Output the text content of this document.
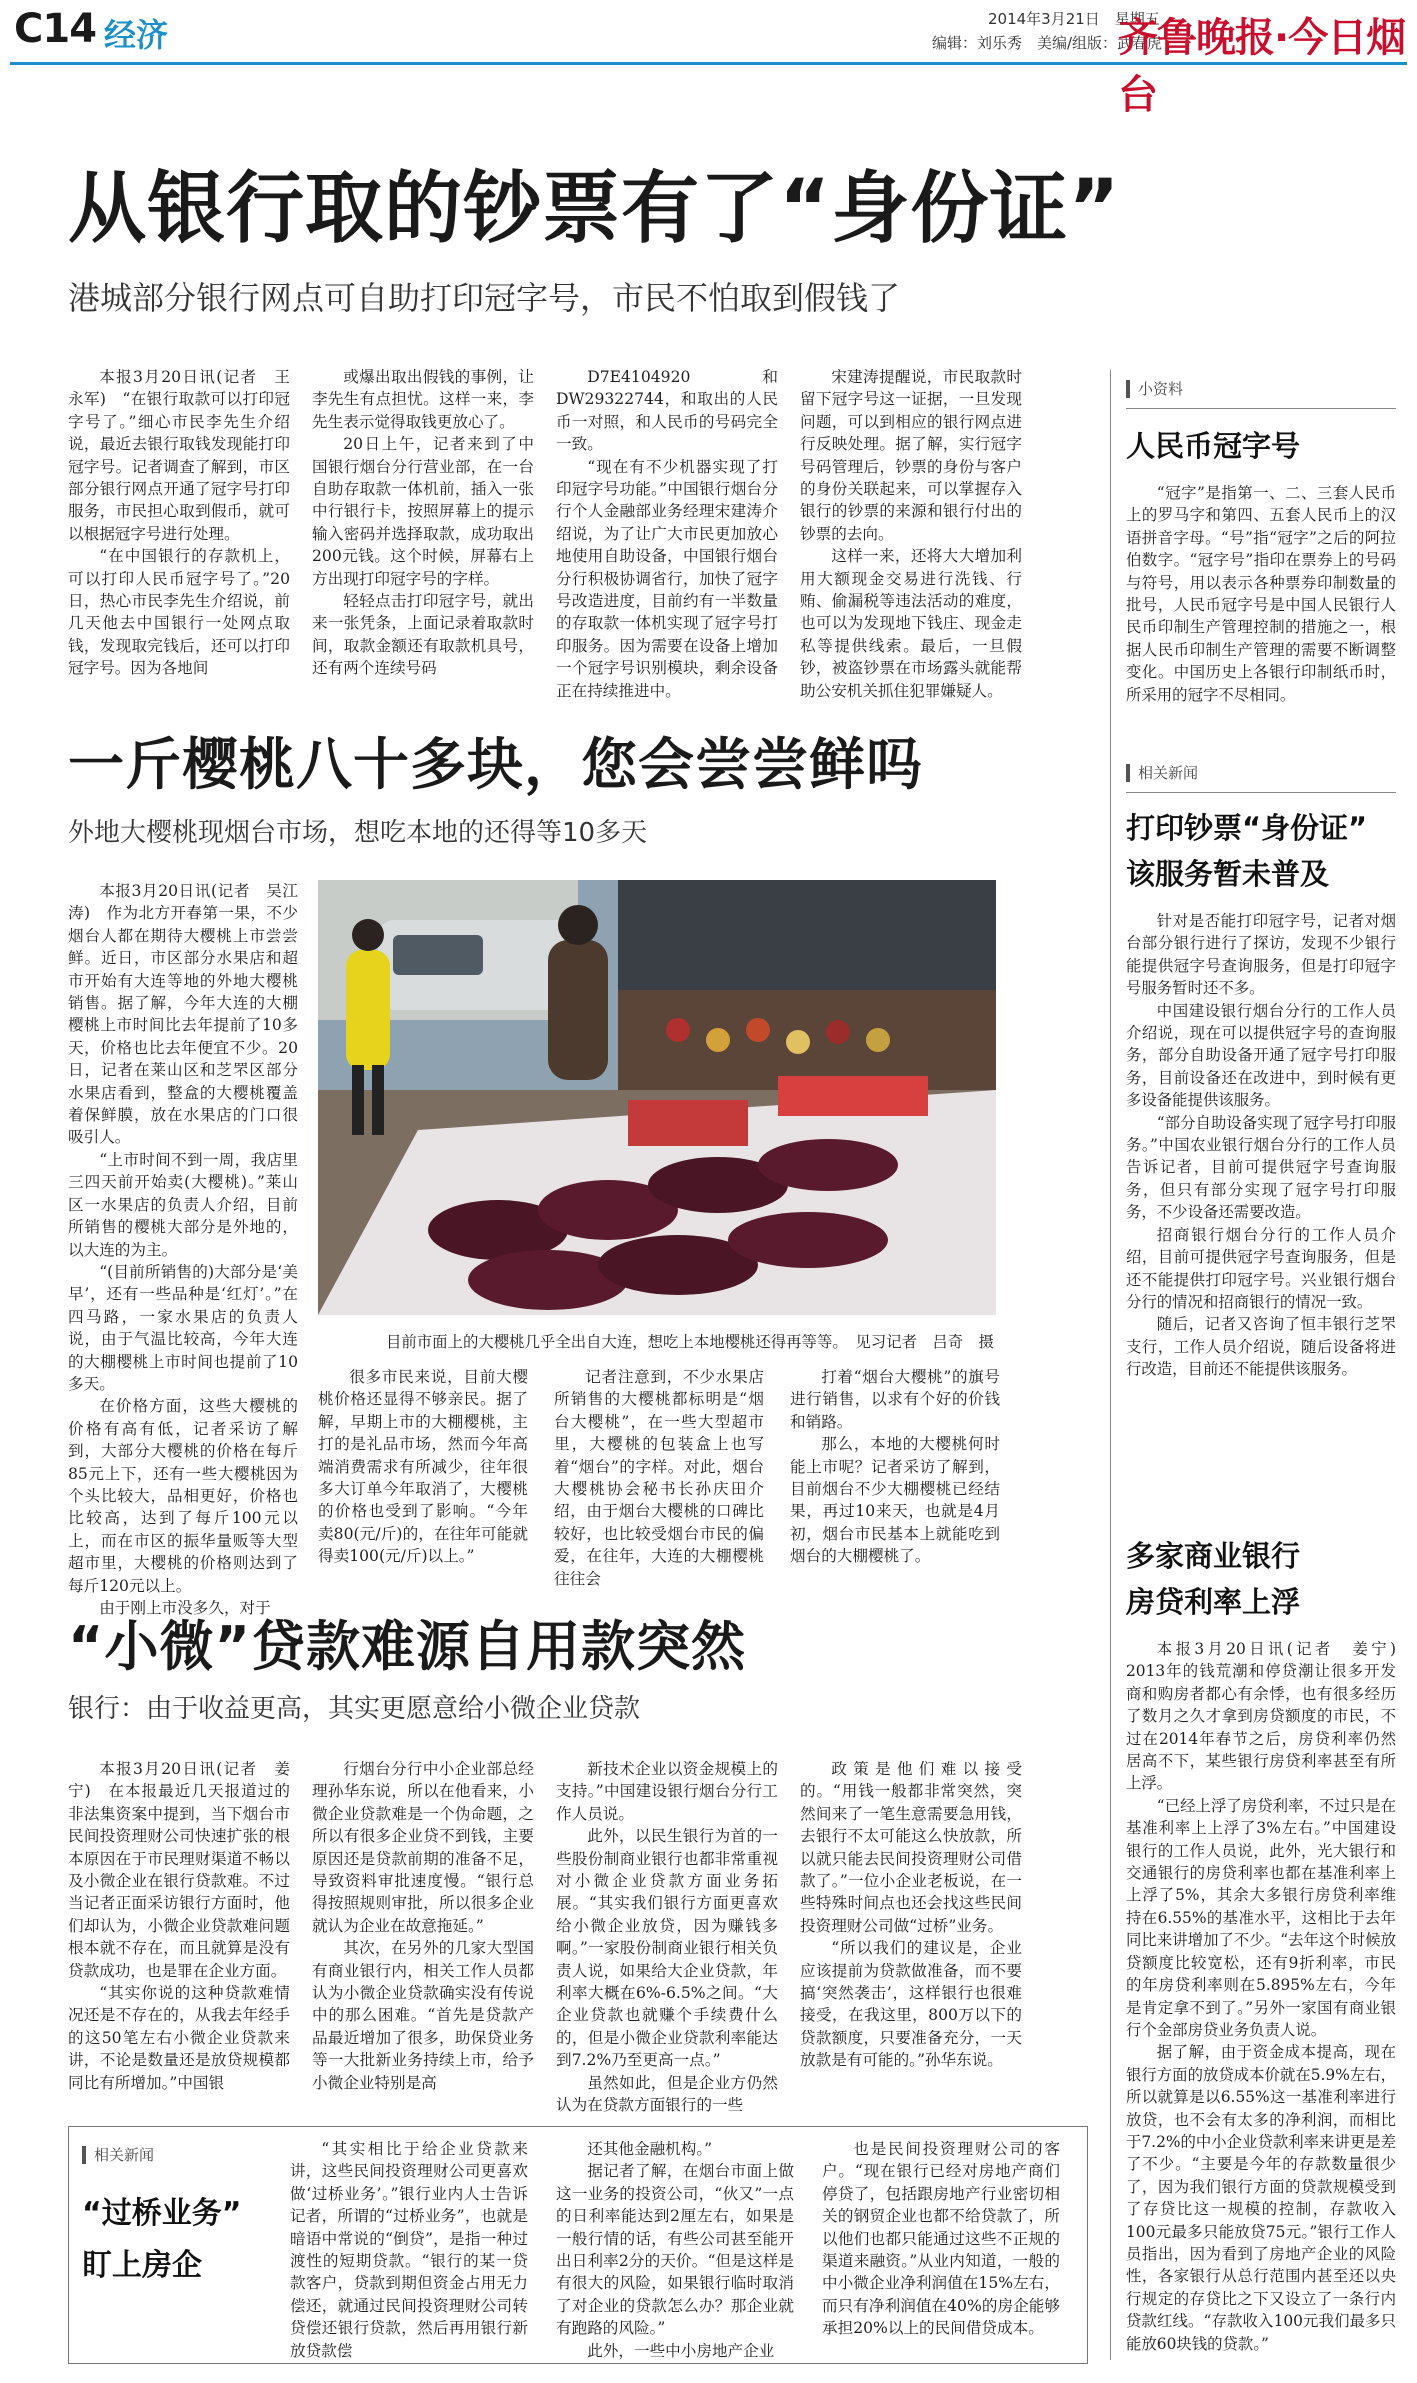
C14 经济	2014年3月21日　星期五
编辑：刘乐秀　美编/组版：武春虎
齐鲁晚报·今日烟台
从银行取的钞票有了“身份证”
港城部分银行网点可自助打印冠字号，市民不怕取到假钱了

本报3月20日讯(记者　王永军)　“在银行取款可以打印冠字号了。”细心市民李先生介绍说，最近去银行取钱发现能打印冠字号。记者调查了解到，市区部分银行网点开通了冠字号打印服务，市民担心取到假币，就可以根据冠字号进行处理。

“在中国银行的存款机上，可以打印人民币冠字号了。”20日，热心市民李先生介绍说，前几天他去中国银行一处网点取钱，发现取完钱后，还可以打印冠字号。因为各地间

或爆出取出假钱的事例，让李先生有点担忧。这样一来，李先生表示觉得取钱更放心了。

20日上午，记者来到了中国银行烟台分行营业部，在一台自助存取款一体机前，插入一张中行银行卡，按照屏幕上的提示输入密码并选择取款，成功取出200元钱。这个时候，屏幕右上方出现打印冠字号的字样。

轻轻点击打印冠字号，就出来一张凭条，上面记录着取款时间，取款金额还有取款机具号，还有两个连续号码

D7E4104920和DW29322744，和取出的人民币一对照，和人民币的号码完全一致。

“现在有不少机器实现了打印冠字号功能。”中国银行烟台分行个人金融部业务经理宋建涛介绍说，为了让广大市民更加放心地使用自助设备，中国银行烟台分行积极协调省行，加快了冠字号改造进度，目前约有一半数量的存取款一体机实现了冠字号打印服务。因为需要在设备上增加一个冠字号识别模块，剩余设备正在持续推进中。

宋建涛提醒说，市民取款时留下冠字号这一证据，一旦发现问题，可以到相应的银行网点进行反映处理。据了解，实行冠字号码管理后，钞票的身份与客户的身份关联起来，可以掌握存入银行的钞票的来源和银行付出的钞票的去向。

这样一来，还将大大增加利用大额现金交易进行洗钱、行贿、偷漏税等违法活动的难度，也可以为发现地下钱庄、现金走私等提供线索。最后，一旦假钞，被盗钞票在市场露头就能帮助公安机关抓住犯罪嫌疑人。

一斤樱桃八十多块，您会尝尝鲜吗
外地大樱桃现烟台市场，想吃本地的还得等10多天

本报3月20日讯(记者　吴江涛)　作为北方开春第一果，不少烟台人都在期待大樱桃上市尝尝鲜。近日，市区部分水果店和超市开始有大连等地的外地大樱桃销售。据了解，今年大连的大棚樱桃上市时间比去年提前了10多天，价格也比去年便宜不少。20日，记者在莱山区和芝罘区部分水果店看到，整盒的大樱桃覆盖着保鲜膜，放在水果店的门口很吸引人。

“上市时间不到一周，我店里三四天前开始卖(大樱桃)。”莱山区一水果店的负责人介绍，目前所销售的樱桃大部分是外地的，以大连的为主。

“(目前所销售的)大部分是‘美早’，还有一些品种是‘红灯’。”在四马路，一家水果店的负责人说，由于气温比较高，今年大连的大棚樱桃上市时间也提前了10多天。

在价格方面，这些大樱桃的价格有高有低，记者采访了解到，大部分大樱桃的价格在每斤85元上下，还有一些大樱桃因为个头比较大，品相更好，价格也比较高，达到了每斤100元以上，而在市区的振华量贩等大型超市里，大樱桃的价格则达到了每斤120元以上。

由于刚上市没多久，对于

目前市面上的大樱桃几乎全出自大连，想吃上本地樱桃还得再等等。　见习记者　吕奇　摄

很多市民来说，目前大樱桃价格还显得不够亲民。据了解，早期上市的大棚樱桃，主打的是礼品市场，然而今年高端消费需求有所减少，往年很多大订单今年取消了，大樱桃的价格也受到了影响。“今年卖80(元/斤)的，在往年可能就得卖100(元/斤)以上。”

记者注意到，不少水果店所销售的大樱桃都标明是“烟台大樱桃”，在一些大型超市里，大樱桃的包装盒上也写着“烟台”的字样。对此，烟台大樱桃协会秘书长孙庆田介绍，由于烟台大樱桃的口碑比较好，也比较受烟台市民的偏爱，在往年，大连的大棚樱桃往往会

打着“烟台大樱桃”的旗号进行销售，以求有个好的价钱和销路。

那么，本地的大樱桃何时能上市呢？记者采访了解到，目前烟台不少大棚樱桃已经结果，再过10来天，也就是4月初，烟台市民基本上就能吃到烟台的大棚樱桃了。

“小微”贷款难源自用款突然
银行：由于收益更高，其实更愿意给小微企业贷款

本报3月20日讯(记者　姜宁)　在本报最近几天报道过的非法集资案中提到，当下烟台市民间投资理财公司快速扩张的根本原因在于市民理财渠道不畅以及小微企业在银行贷款难。不过当记者正面采访银行方面时，他们却认为，小微企业贷款难问题根本就不存在，而且就算是没有贷款成功，也是罪在企业方面。

“其实你说的这种贷款难情况还是不存在的，从我去年经手的这50笔左右小微企业贷款来讲，不论是数量还是放贷规模都同比有所增加。”中国银

行烟台分行中小企业部总经理孙华东说，所以在他看来，小微企业贷款难是一个伪命题，之所以有很多企业贷不到钱，主要原因还是贷款前期的准备不足，导致资料审批速度慢。“银行总得按照规则审批，所以很多企业就认为企业在故意拖延。”

其次，在另外的几家大型国有商业银行内，相关工作人员都认为小微企业贷款确实没有传说中的那么困难。“首先是贷款产品最近增加了很多，助保贷业务等一大批新业务持续上市，给予小微企业特别是高

新技术企业以资金规模上的支持。”中国建设银行烟台分行工作人员说。

此外，以民生银行为首的一些股份制商业银行也都非常重视对小微企业贷款方面业务拓展。“其实我们银行方面更喜欢给小微企业放贷，因为赚钱多啊。”一家股份制商业银行相关负责人说，如果给大企业贷款，年利率大概在6%-6.5%之间。“大企业贷款也就赚个手续费什么的，但是小微企业贷款利率能达到7.2%乃至更高一点。”

虽然如此，但是企业方仍然认为在贷款方面银行的一些

政策是他们难以接受的。“用钱一般都非常突然，突然间来了一笔生意需要急用钱，去银行不太可能这么快放款，所以就只能去民间投资理财公司借款了。”一位小企业老板说，在一些特殊时间点也还会找这些民间投资理财公司做“过桥”业务。

“所以我们的建议是，企业应该提前为贷款做准备，而不要搞‘突然袭击’，这样银行也很难接受，在我这里，800万以下的贷款额度，只要准备充分，一天放款是有可能的。”孙华东说。

相关新闻
“过桥业务”
盯上房企

“其实相比于给企业贷款来讲，这些民间投资理财公司更喜欢做‘过桥业务’。”银行业内人士告诉记者，所谓的“过桥业务”，也就是暗语中常说的“倒贷”，是指一种过渡性的短期贷款。“银行的某一贷款客户，贷款到期但资金占用无力偿还，就通过民间投资理财公司转贷偿还银行贷款，然后再用银行新放贷款偿

还其他金融机构。”

据记者了解，在烟台市面上做这一业务的投资公司，“伙又”一点的日利率能达到2厘左右，如果是一般行情的话，有些公司甚至能开出日利率2分的天价。“但是这样是有很大的风险，如果银行临时取消了对企业的贷款怎么办？那企业就有跑路的风险。”

此外，一些中小房地产企业

也是民间投资理财公司的客户。“现在银行已经对房地产商们停贷了，包括跟房地产行业密切相关的钢贸企业也都不给贷款了，所以他们也都只能通过这些不正规的渠道来融资。”从业内知道，一般的中小微企业净利润值在15%左右，而只有净利润值在40%的房企能够承担20%以上的民间借贷成本。

小资料
人民币冠字号

“冠字”是指第一、二、三套人民币上的罗马字和第四、五套人民币上的汉语拼音字母。“号”指“冠字”之后的阿拉伯数字。“冠字号”指印在票券上的号码与符号，用以表示各种票券印制数量的批号，人民币冠字号是中国人民银行人民币印制生产管理控制的措施之一，根据人民币印制生产管理的需要不断调整变化。中国历史上各银行印制纸币时，所采用的冠字不尽相同。

相关新闻
打印钞票“身份证”
该服务暂未普及

针对是否能打印冠字号，记者对烟台部分银行进行了探访，发现不少银行能提供冠字号查询服务，但是打印冠字号服务暂时还不多。

中国建设银行烟台分行的工作人员介绍说，现在可以提供冠字号的查询服务，部分自助设备开通了冠字号打印服务，目前设备还在改进中，到时候有更多设备能提供该服务。

“部分自助设备实现了冠字号打印服务。”中国农业银行烟台分行的工作人员告诉记者，目前可提供冠字号查询服务，但只有部分实现了冠字号打印服务，不少设备还需要改造。

招商银行烟台分行的工作人员介绍，目前可提供冠字号查询服务，但是还不能提供打印冠字号。兴业银行烟台分行的情况和招商银行的情况一致。

随后，记者又咨询了恒丰银行芝罘支行，工作人员介绍说，随后设备将进行改造，目前还不能提供该服务。

多家商业银行
房贷利率上浮

本报3月20日讯(记者　姜宁)　2013年的钱荒潮和停贷潮让很多开发商和购房者都心有余悸，也有很多经历了数月之久才拿到房贷额度的市民，不过在2014年春节之后，房贷利率仍然居高不下，某些银行房贷利率甚至有所上浮。

“已经上浮了房贷利率，不过只是在基准利率上上浮了3%左右。”中国建设银行的工作人员说，此外，光大银行和交通银行的房贷利率也都在基准利率上上浮了5%，其余大多银行房贷利率维持在6.55%的基准水平，这相比于去年同比来讲增加了不少。“去年这个时候放贷额度比较宽松，还有9折利率，市民的年房贷利率则在5.895%左右，今年是肯定拿不到了。”另外一家国有商业银行个金部房贷业务负责人说。

据了解，由于资金成本提高，现在银行方面的放贷成本价就在5.9%左右，所以就算是以6.55%这一基准利率进行放贷，也不会有太多的净利润，而相比于7.2%的中小企业贷款利率来讲更是差了不少。“主要是今年的存款数量很少了，因为我们银行方面的贷款规模受到了存贷比这一规模的控制，存款收入100元最多只能放贷75元。”银行工作人员指出，因为看到了房地产企业的风险性，各家银行从总行范围内甚至还以央行规定的存贷比之下又设立了一条行内贷款红线。“存款收入100元我们最多只能放60块钱的贷款。”
